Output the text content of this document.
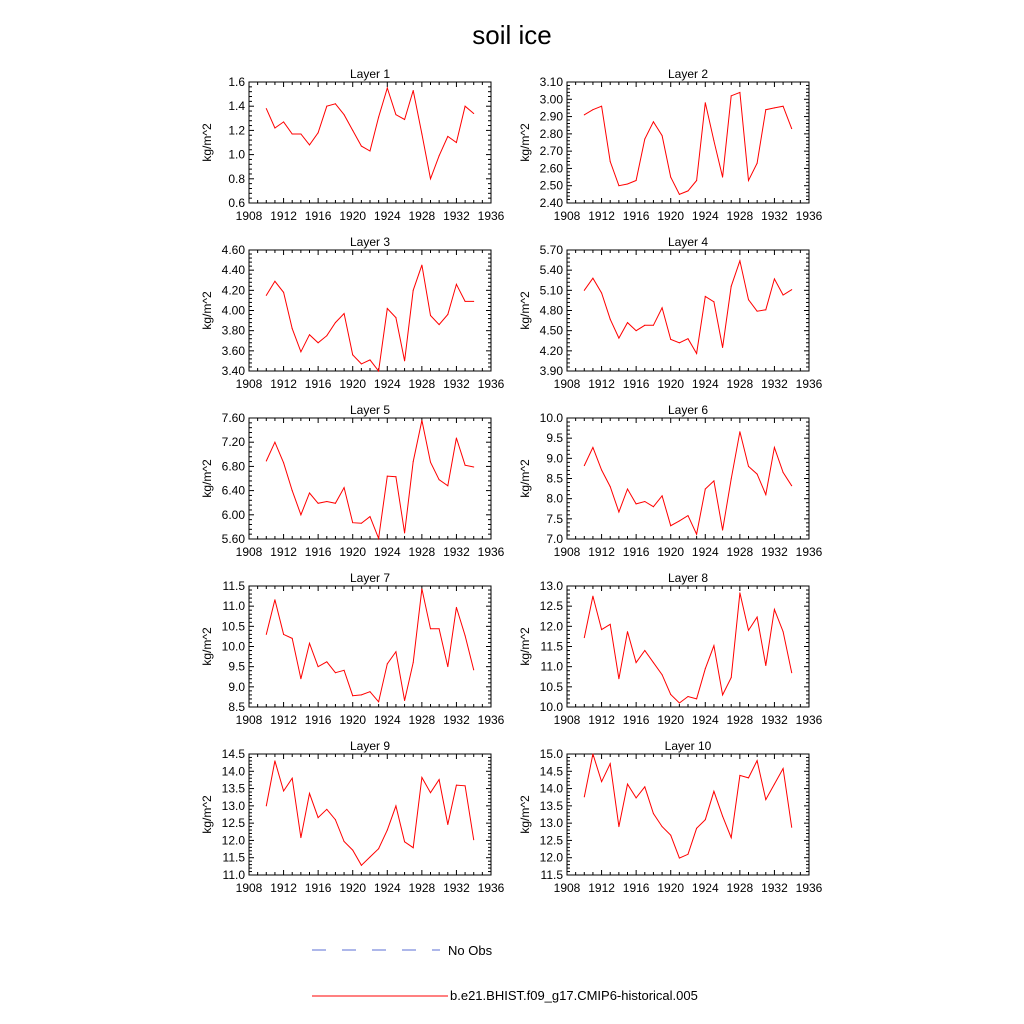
soil ice
Layer 1
kg/m^2
1908 1912 1916 1920 1924 1928 1932 1936
0.6
0.8
1.0
1.2
1.4
1.6
Layer 2
kg/m^2
1908 1912 1916 1920 1924 1928 1932 1936
2.40
2.50
2.60
2.70
2.80
2.90
3.00
3.10
Layer 3
kg/m^2
1908 1912 1916 1920 1924 1928 1932 1936
3.40
3.60
3.80
4.00
4.20
4.40
4.60
Layer 4
kg/m^2
1908 1912 1916 1920 1924 1928 1932 1936
3.90
4.20
4.50
4.80
5.10
5.40
5.70
Layer 5
kg/m^2
1908 1912 1916 1920 1924 1928 1932 1936
5.60
6.00
6.40
6.80
7.20
7.60
Layer 6
kg/m^2
1908 1912 1916 1920 1924 1928 1932 1936
7.0
7.5
8.0
8.5
9.0
9.5
10.0
Layer 7
kg/m^2
1908 1912 1916 1920 1924 1928 1932 1936
8.5
9.0
9.5
10.0
10.5
11.0
11.5
Layer 8
kg/m^2
1908 1912 1916 1920 1924 1928 1932 1936
10.0
10.5
11.0
11.5
12.0
12.5
13.0
Layer 9
kg/m^2
1908 1912 1916 1920 1924 1928 1932 1936
11.0
11.5
12.0
12.5
13.0
13.5
14.0
14.5
Layer 10
kg/m^2
1908 1912 1916 1920 1924 1928 1932 1936
11.5
12.0
12.5
13.0
13.5
14.0
14.5
15.0
No Obs
b.e21.BHIST.f09_g17.CMIP6-historical.005
